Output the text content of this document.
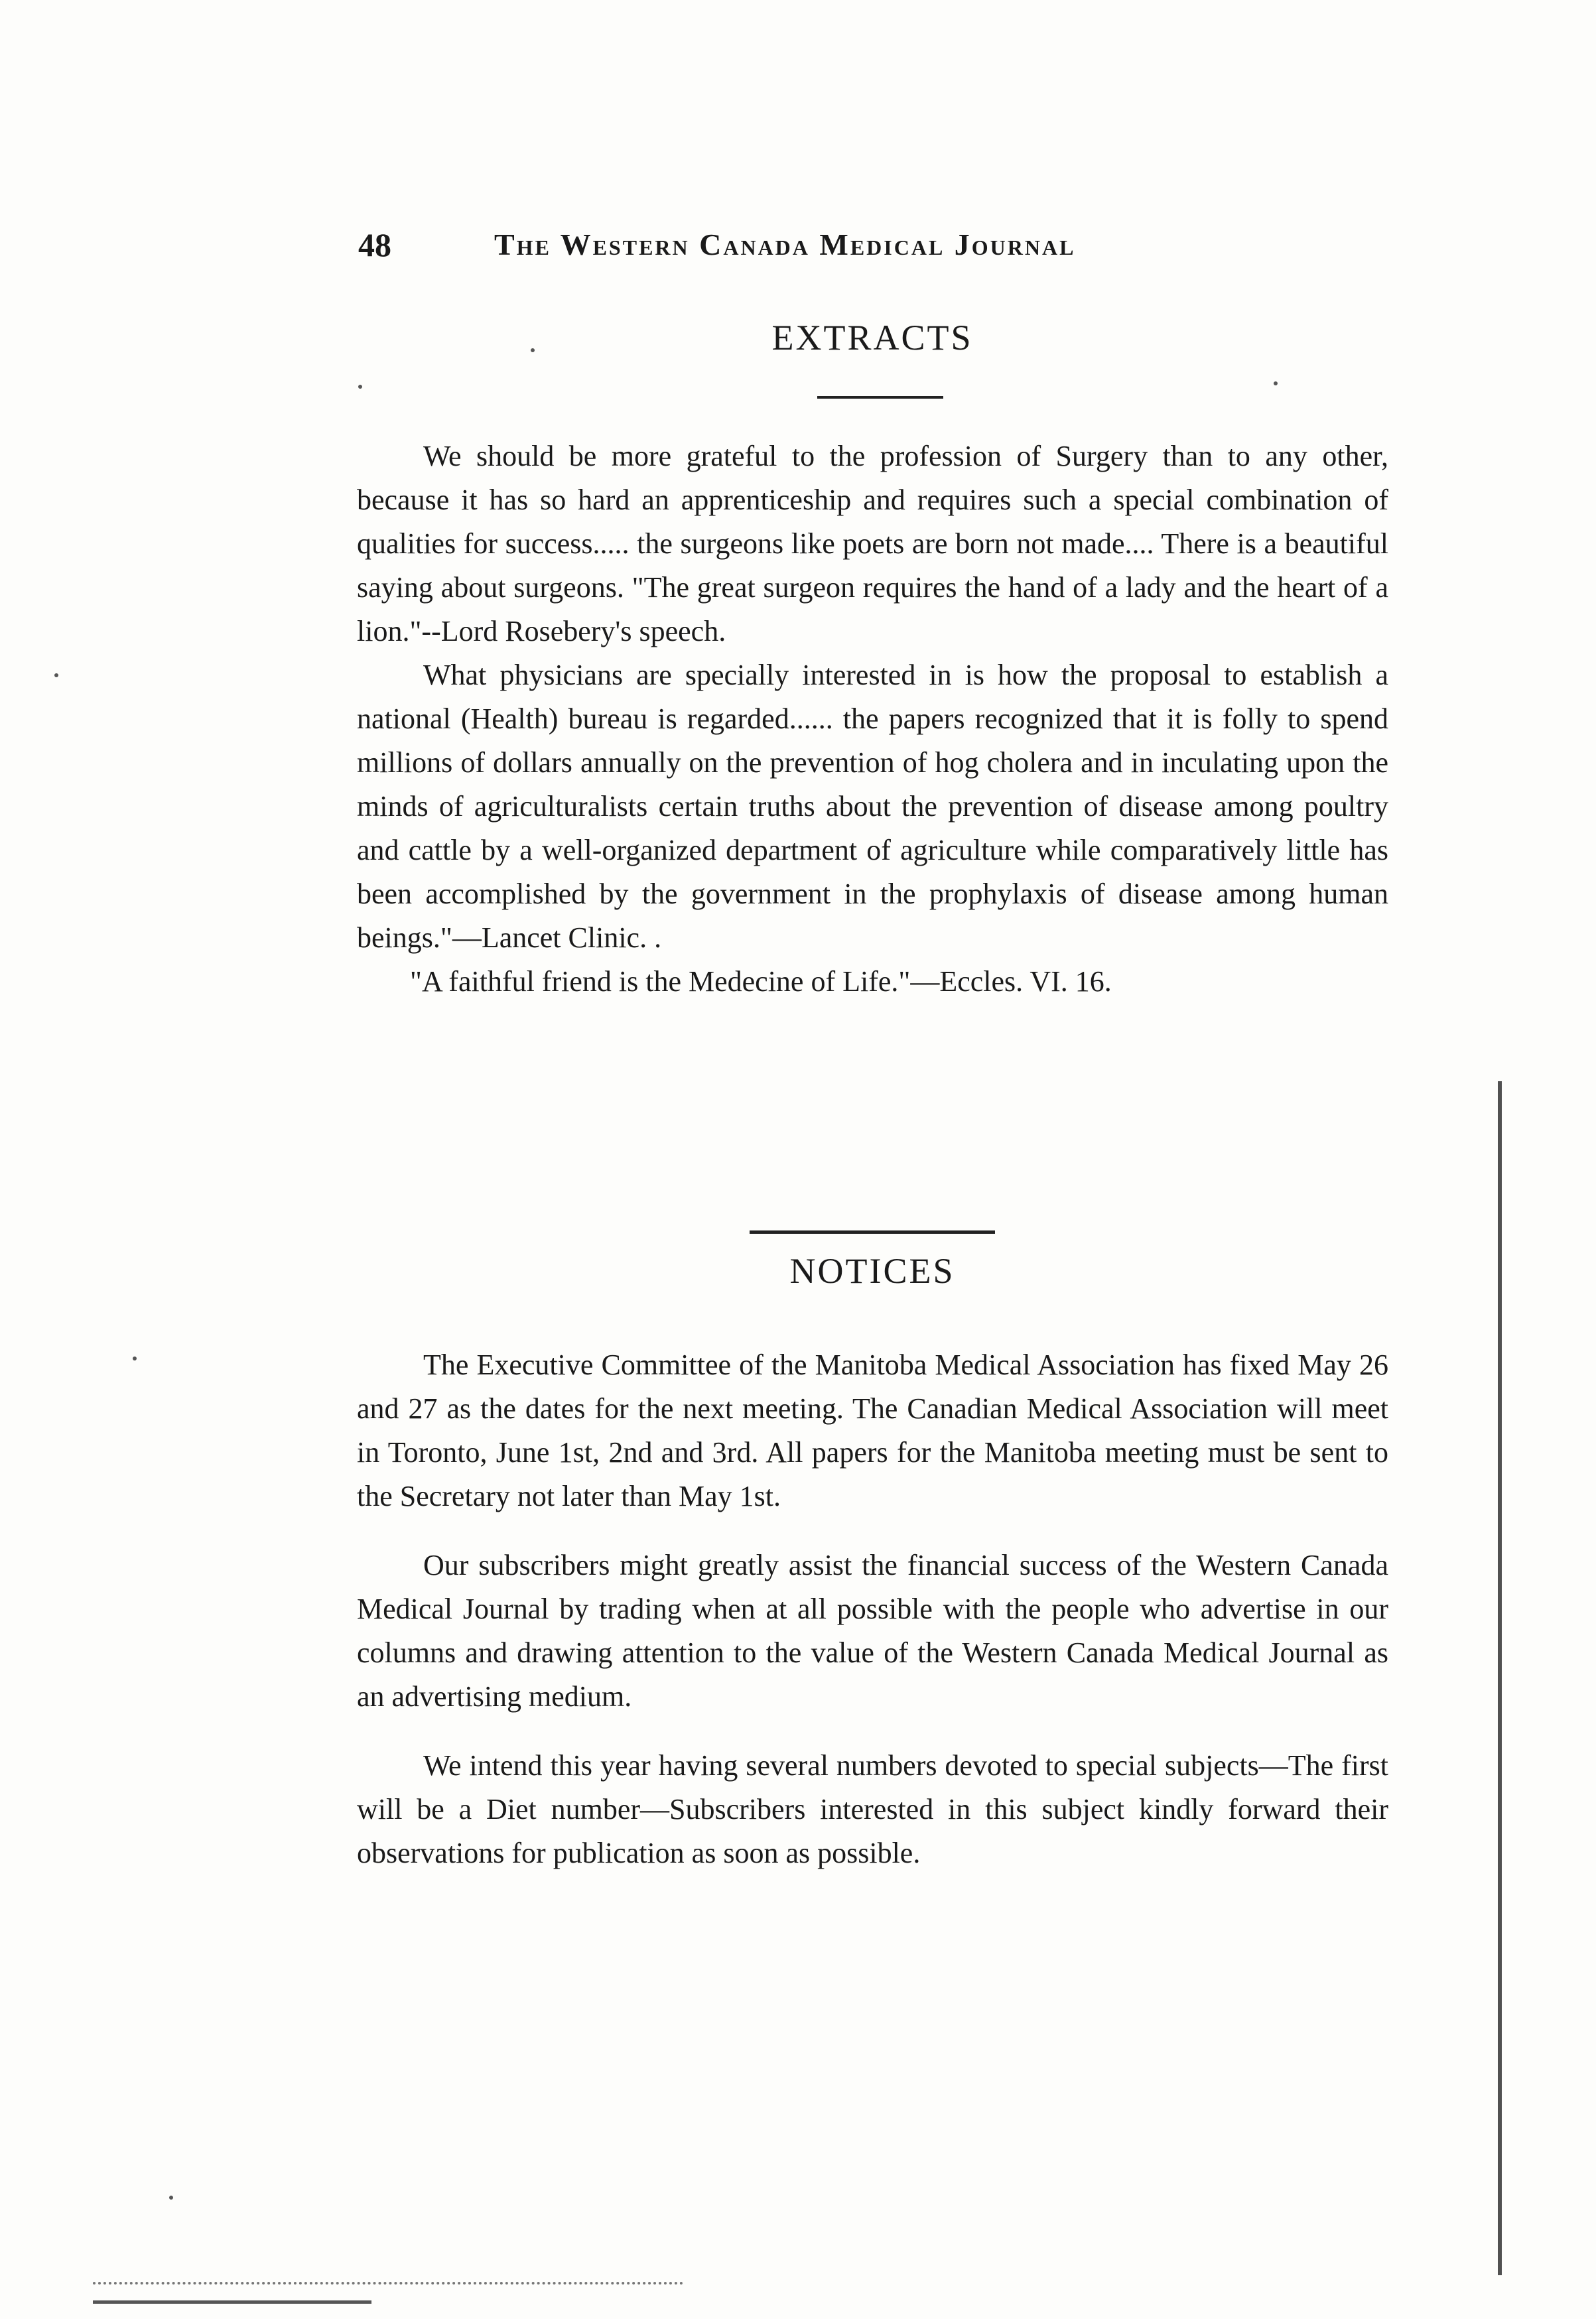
48	The Western Canada Medical Journal
EXTRACTS

We should be more grateful to the profession of Surgery than to any other, because it has so hard an apprenticeship and requires such a special combination of qualities for success..... the surgeons like poets are born not made.... There is a beautiful saying about surgeons. "The great surgeon requires the hand of a lady and the heart of a lion."--Lord Rosebery's speech.

What physicians are specially interested in is how the proposal to establish a national (Health) bureau is regarded...... the papers recognized that it is folly to spend millions of dollars annually on the prevention of hog cholera and in inculating upon the minds of agriculturalists certain truths about the prevention of disease among poultry and cattle by a well-organized department of agriculture while comparatively little has been accomplished by the government in the prophylaxis of disease among human beings."—Lancet Clinic. .

"A faithful friend is the Medecine of Life."—Eccles. VI. 16.

NOTICES

The Executive Committee of the Manitoba Medical Association has fixed May 26 and 27 as the dates for the next meeting. The Canadian Medical Association will meet in Toronto, June 1st, 2nd and 3rd. All papers for the Manitoba meeting must be sent to the Secretary not later than May 1st.

Our subscribers might greatly assist the financial success of the Western Canada Medical Journal by trading when at all possible with the people who advertise in our columns and drawing attention to the value of the Western Canada Medical Journal as an advertising medium.

We intend this year having several numbers devoted to special subjects—The first will be a Diet number—Subscribers interested in this subject kindly forward their observations for publication as soon as possible.
